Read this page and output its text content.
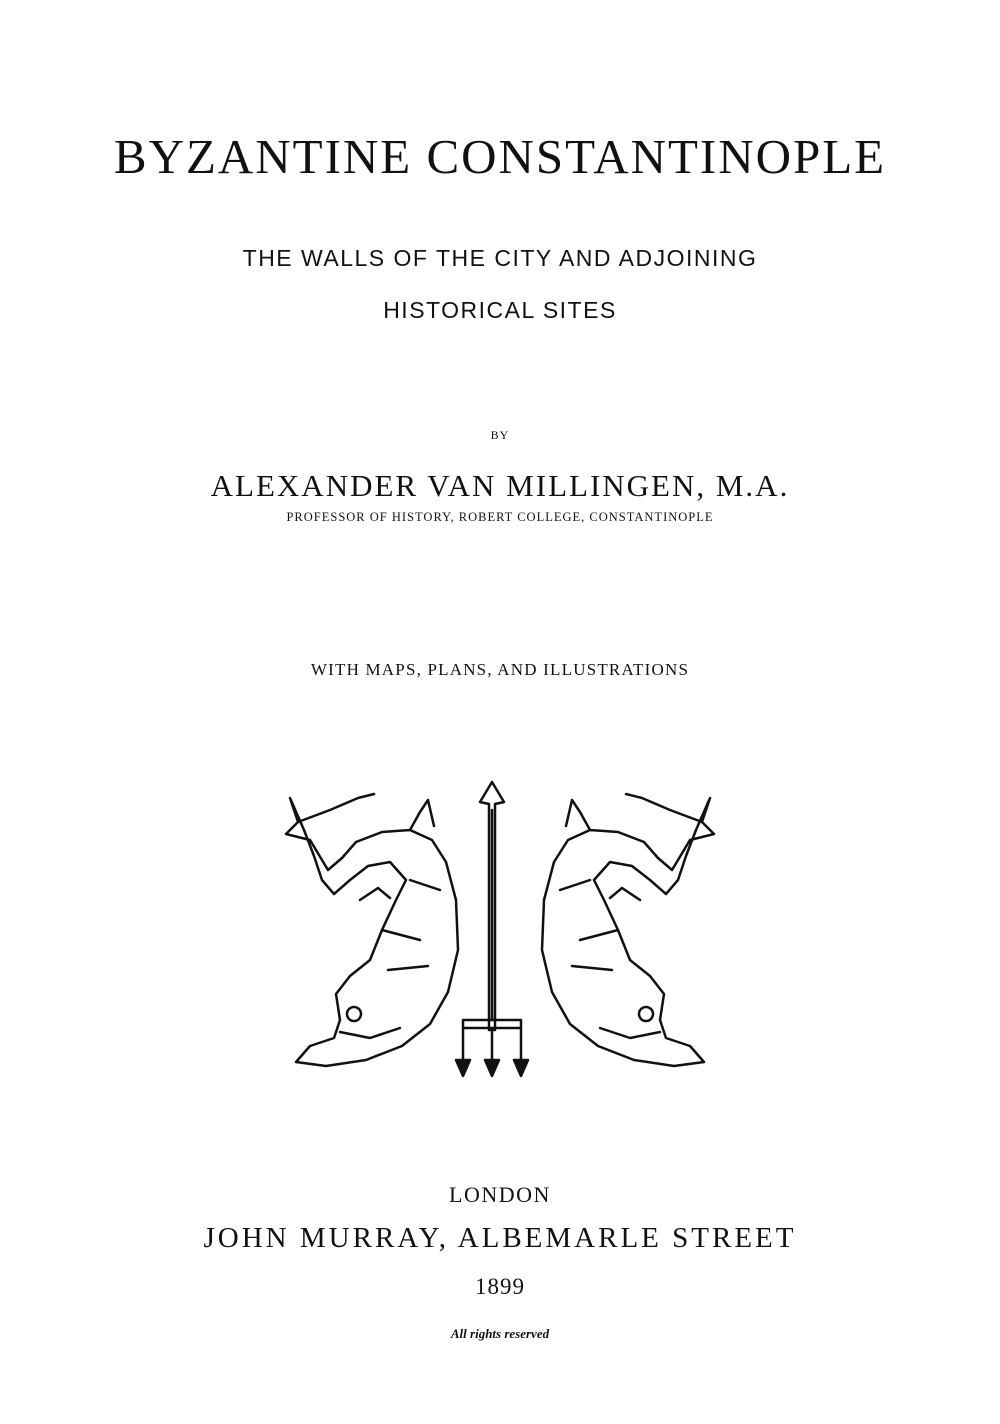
BYZANTINE CONSTANTINOPLE
THE WALLS OF THE CITY AND ADJOINING
HISTORICAL SITES
BY
ALEXANDER VAN MILLINGEN, M.A.
PROFESSOR OF HISTORY, ROBERT COLLEGE, CONSTANTINOPLE
WITH MAPS, PLANS, AND ILLUSTRATIONS
LONDON
JOHN MURRAY, ALBEMARLE STREET
1899
All rights reserved
